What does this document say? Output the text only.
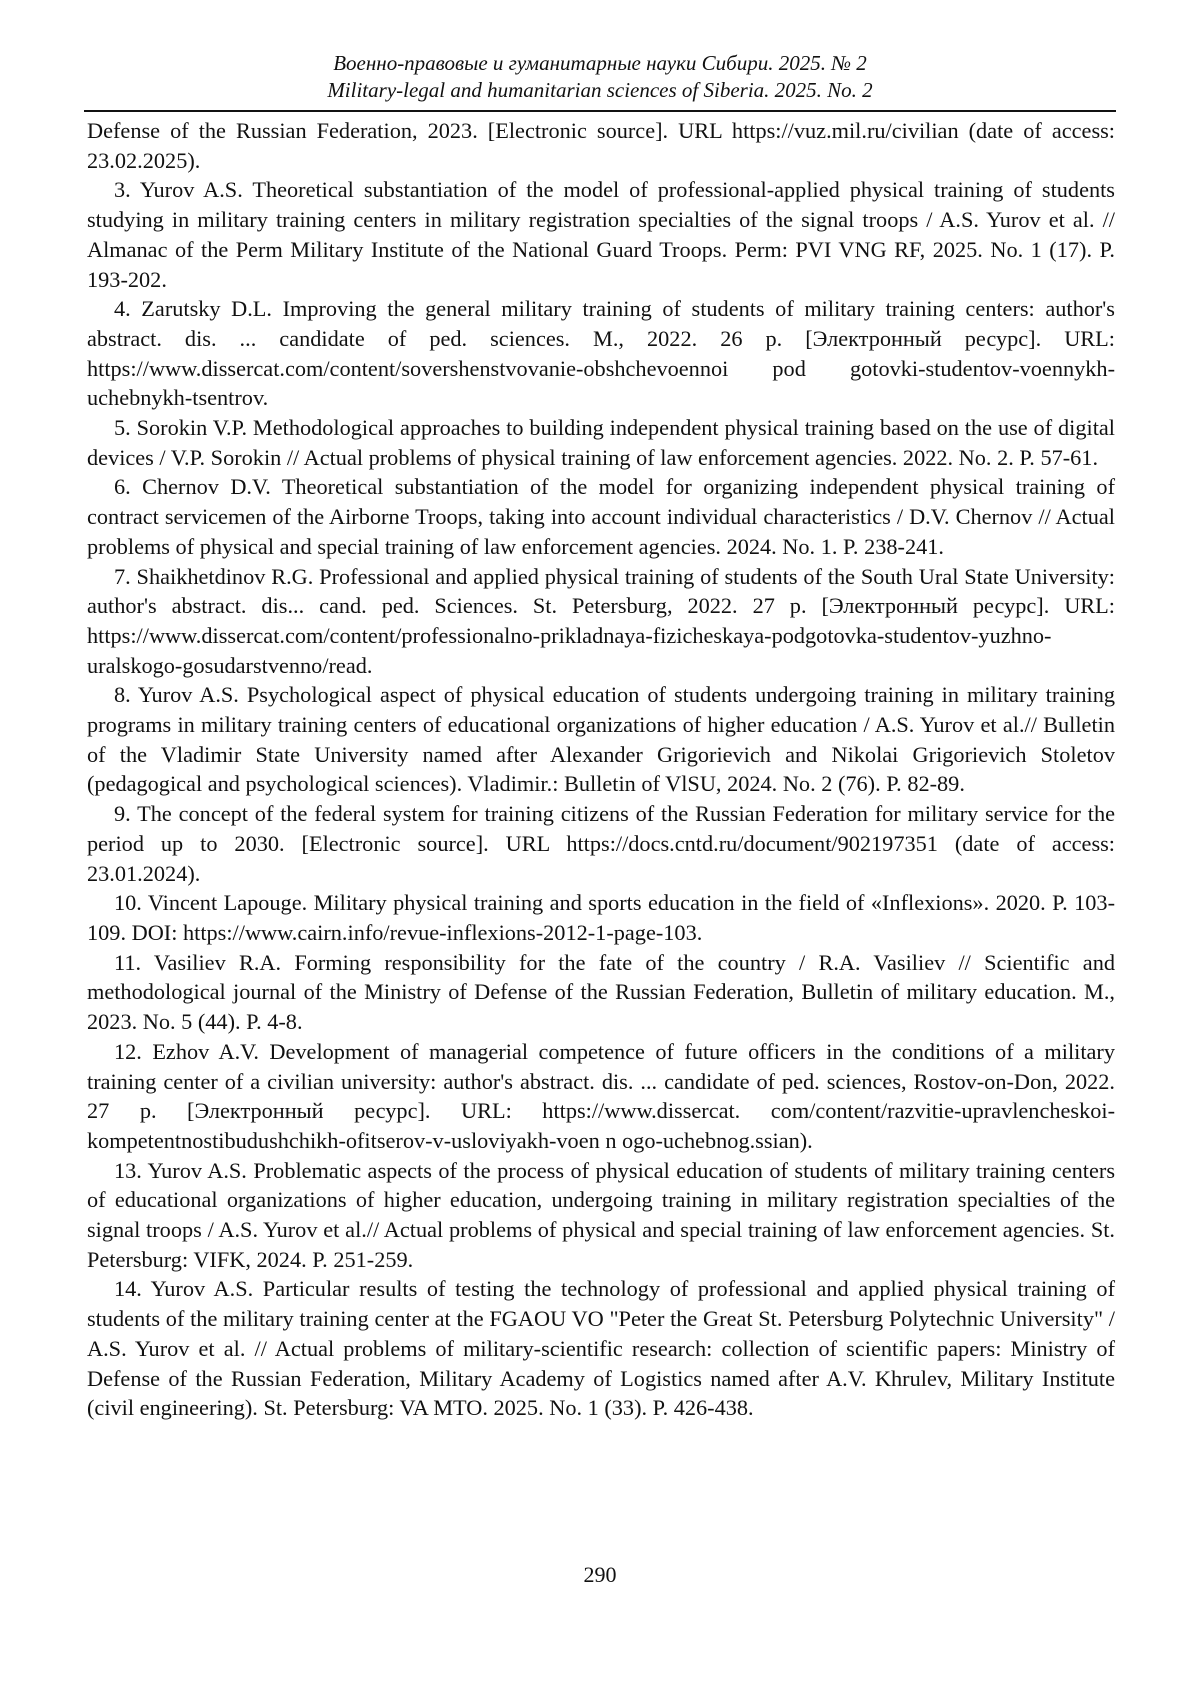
Военно-правовые и гуманитарные науки Сибири. 2025. № 2
Military-legal and humanitarian sciences of Siberia. 2025. No. 2

Defense of the Russian Federation, 2023. [Electronic source]. URL https://vuz.mil.ru/civilian (date of access: 23.02.2025).

3. Yurov A.S. Theoretical substantiation of the model of professional-applied physical training of students studying in military training centers in military registration specialties of the signal troops / A.S. Yurov et al. // Almanac of the Perm Military Institute of the National Guard Troops. Perm: PVI VNG RF, 2025. No. 1 (17). P. 193-202.

4. Zarutsky D.L. Improving the general military training of students of military training centers: author's abstract. dis. ... candidate of ped. sciences. M., 2022. 26 p. [Электронный ресурс]. URL: https://www.dissercat.com/content/sovershenstvovanie-obshchevoennoi pod gotovki-studentov-voennykh-uchebnykh-tsentrov.

5. Sorokin V.P. Methodological approaches to building independent physical training based on the use of digital devices / V.P. Sorokin // Actual problems of physical training of law enforcement agencies. 2022. No. 2. P. 57-61.

6. Chernov D.V. Theoretical substantiation of the model for organizing independent physical training of contract servicemen of the Airborne Troops, taking into account individual characteristics / D.V. Chernov // Actual problems of physical and special training of law enforcement agencies. 2024. No. 1. P. 238-241.

7. Shaikhetdinov R.G. Professional and applied physical training of students of the South Ural State University: author's abstract. dis... cand. ped. Sciences. St. Petersburg, 2022. 27 p. [Электронный ресурс]. URL: https://www.dissercat.com/content/professionalno-prikladnaya-fizicheskaya-podgotovka-studentov-yuzhno-uralskogo-gosudarstvenno/read.

8. Yurov A.S. Psychological aspect of physical education of students undergoing training in military training programs in military training centers of educational organizations of higher education / A.S. Yurov et al.// Bulletin of the Vladimir State University named after Alexander Grigorievich and Nikolai Grigorievich Stoletov (pedagogical and psychological sciences). Vladimir.: Bulletin of VlSU, 2024. No. 2 (76). P. 82-89.

9. The concept of the federal system for training citizens of the Russian Federation for military service for the period up to 2030. [Electronic source]. URL https://docs.cntd.ru/document/902197351 (date of access: 23.01.2024).

10. Vincent Lapouge. Military physical training and sports education in the field of «Inflexions». 2020. P. 103-109. DOI: https://www.cairn.info/revue-inflexions-2012-1-page-103.

11. Vasiliev R.A. Forming responsibility for the fate of the country / R.A. Vasiliev // Scientific and methodological journal of the Ministry of Defense of the Russian Federation, Bulletin of military education. M., 2023. No. 5 (44). P. 4-8.

12. Ezhov A.V. Development of managerial competence of future officers in the conditions of a military training center of a civilian university: author's abstract. dis. ... candidate of ped. sciences, Rostov-on-Don, 2022. 27 p. [Электронный ресурс]. URL: https://www.dissercat. com/content/razvitie-upravlencheskoi-kompetentnostibudushchikh-ofitserov-v-usloviyakh-voen n ogo-uchebnog.ssian).

13. Yurov A.S. Problematic aspects of the process of physical education of students of military training centers of educational organizations of higher education, undergoing training in military registration specialties of the signal troops / A.S. Yurov et al.// Actual problems of physical and special training of law enforcement agencies. St. Petersburg: VIFK, 2024. P. 251-259.

14. Yurov A.S. Particular results of testing the technology of professional and applied physical training of students of the military training center at the FGAOU VO "Peter the Great St. Petersburg Polytechnic University" / A.S. Yurov et al. // Actual problems of military-scientific research: collection of scientific papers: Ministry of Defense of the Russian Federation, Military Academy of Logistics named after A.V. Khrulev, Military Institute (civil engineering). St. Petersburg: VA MTO. 2025. No. 1 (33). P. 426-438.

290
